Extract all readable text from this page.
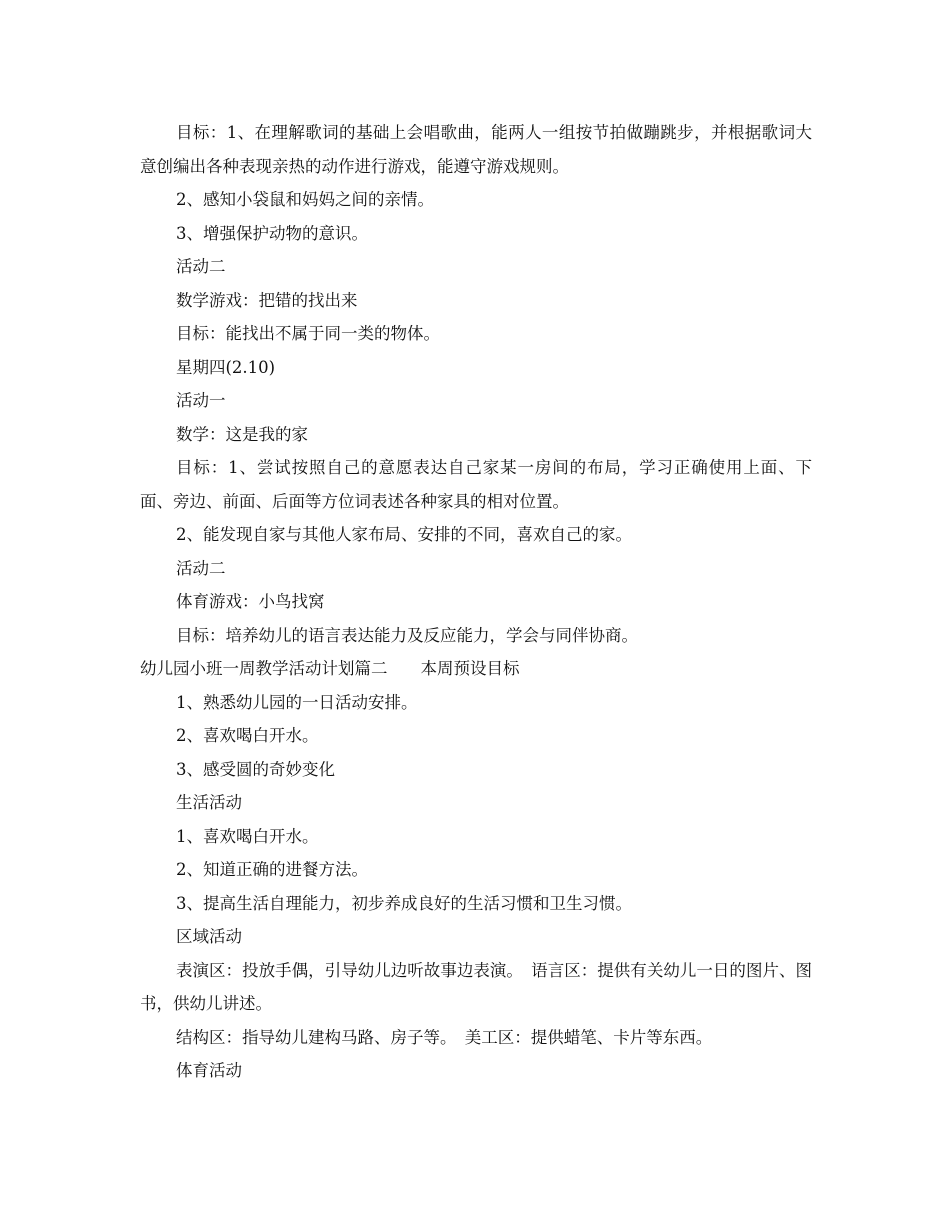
目标：1、在理解歌词的基础上会唱歌曲，能两人一组按节拍做蹦跳步，并根据歌词大意创编出各种表现亲热的动作进行游戏，能遵守游戏规则。

2、感知小袋鼠和妈妈之间的亲情。

3、增强保护动物的意识。

活动二

数学游戏：把错的找出来

目标：能找出不属于同一类的物体。

星期四(2.10)

活动一

数学：这是我的家

目标：1、尝试按照自己的意愿表达自己家某一房间的布局，学习正确使用上面、下面、旁边、前面、后面等方位词表述各种家具的相对位置。

2、能发现自家与其他人家布局、安排的不同，喜欢自己的家。

活动二

体育游戏：小鸟找窝

目标：培养幼儿的语言表达能力及反应能力，学会与同伴协商。

幼儿园小班一周教学活动计划篇二　　本周预设目标

1、熟悉幼儿园的一日活动安排。

2、喜欢喝白开水。

3、感受圆的奇妙变化

生活活动

1、喜欢喝白开水。

2、知道正确的进餐方法。

3、提高生活自理能力，初步养成良好的生活习惯和卫生习惯。

区域活动

表演区：投放手偶，引导幼儿边听故事边表演。　语言区：提供有关幼儿一日的图片、图书，供幼儿讲述。

结构区：指导幼儿建构马路、房子等。　美工区：提供蜡笔、卡片等东西。

体育活动
